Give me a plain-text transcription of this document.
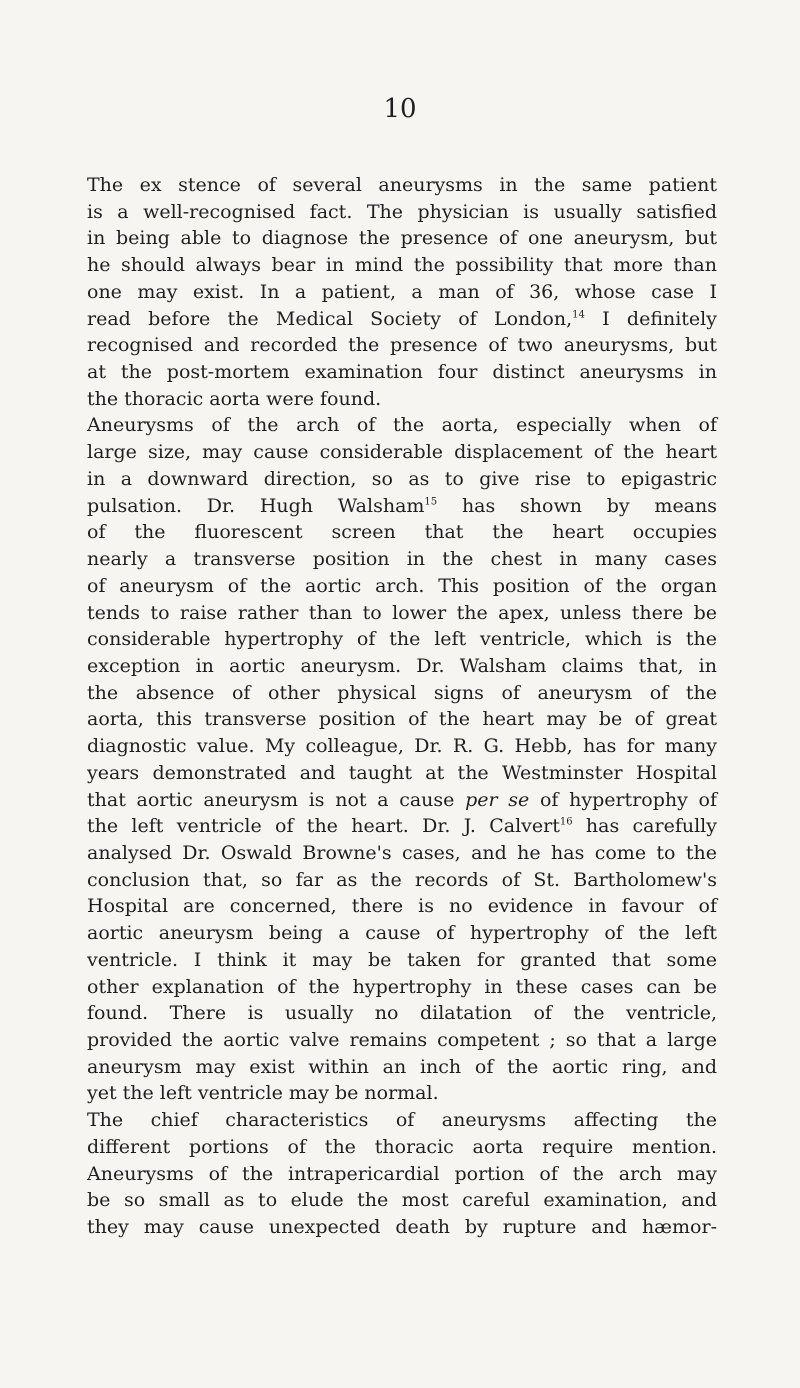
10
The ex stence of several aneurysms in the same patient
is a well-recognised fact. The physician is usually satisfied
in being able to diagnose the presence of one aneurysm, but
he should always bear in mind the possibility that more than
one may exist. In a patient, a man of 36, whose case I
read before the Medical Society of London,$^{14}$ I definitely
recognised and recorded the presence of two aneurysms, but
at the post-mortem examination four distinct aneurysms in
the thoracic aorta were found.
Aneurysms of the arch of the aorta, especially when of
large size, may cause considerable displacement of the heart
in a downward direction, so as to give rise to epigastric
pulsation. Dr. Hugh Walsham$^{15}$ has shown by means
of the fluorescent screen that the heart occupies
nearly a transverse position in the chest in many cases
of aneurysm of the aortic arch. This position of the organ
tends to raise rather than to lower the apex, unless there be
considerable hypertrophy of the left ventricle, which is the
exception in aortic aneurysm. Dr. Walsham claims that, in
the absence of other physical signs of aneurysm of the
aorta, this transverse position of the heart may be of great
diagnostic value. My colleague, Dr. R. G. Hebb, has for many
years demonstrated and taught at the Westminster Hospital
that aortic aneurysm is not a cause per se of hypertrophy of
the left ventricle of the heart. Dr. J. Calvert$^{16}$ has carefully
analysed Dr. Oswald Browne's cases, and he has come to the
conclusion that, so far as the records of St. Bartholomew's
Hospital are concerned, there is no evidence in favour of
aortic aneurysm being a cause of hypertrophy of the left
ventricle. I think it may be taken for granted that some
other explanation of the hypertrophy in these cases can be
found. There is usually no dilatation of the ventricle,
provided the aortic valve remains competent ; so that a large
aneurysm may exist within an inch of the aortic ring, and
yet the left ventricle may be normal.
The chief characteristics of aneurysms affecting the
different portions of the thoracic aorta require mention.
Aneurysms of the intrapericardial portion of the arch may
be so small as to elude the most careful examination, and
they may cause unexpected death by rupture and hæmor-
